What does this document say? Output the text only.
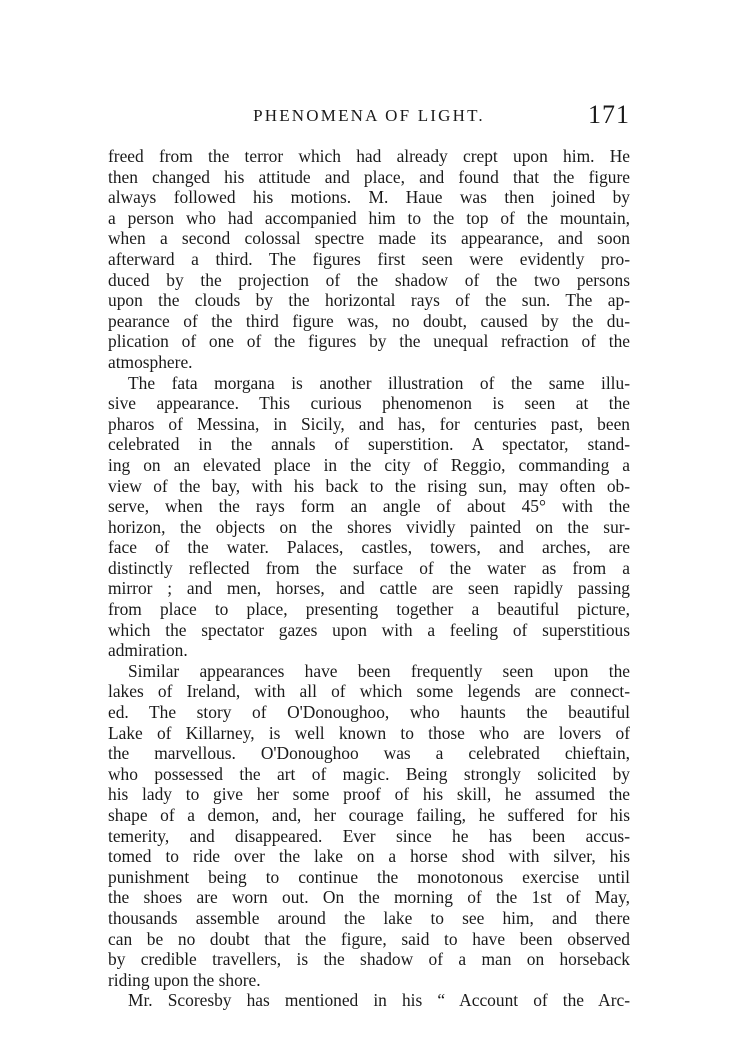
PHENOMENA OF LIGHT.	171
freed from the terror which had already crept upon him. He
then changed his attitude and place, and found that the figure
always followed his motions. M. Haue was then joined by
a person who had accompanied him to the top of the mountain,
when a second colossal spectre made its appearance, and soon
afterward a third. The figures first seen were evidently pro-
duced by the projection of the shadow of the two persons
upon the clouds by the horizontal rays of the sun. The ap-
pearance of the third figure was, no doubt, caused by the du-
plication of one of the figures by the unequal refraction of the
atmosphere.
The fata morgana is another illustration of the same illu-
sive appearance. This curious phenomenon is seen at the
pharos of Messina, in Sicily, and has, for centuries past, been
celebrated in the annals of superstition. A spectator, stand-
ing on an elevated place in the city of Reggio, commanding a
view of the bay, with his back to the rising sun, may often ob-
serve, when the rays form an angle of about 45° with the
horizon, the objects on the shores vividly painted on the sur-
face of the water. Palaces, castles, towers, and arches, are
distinctly reflected from the surface of the water as from a
mirror ; and men, horses, and cattle are seen rapidly passing
from place to place, presenting together a beautiful picture,
which the spectator gazes upon with a feeling of superstitious
admiration.
Similar appearances have been frequently seen upon the
lakes of Ireland, with all of which some legends are connect-
ed. The story of O'Donoughoo, who haunts the beautiful
Lake of Killarney, is well known to those who are lovers of
the marvellous. O'Donoughoo was a celebrated chieftain,
who possessed the art of magic. Being strongly solicited by
his lady to give her some proof of his skill, he assumed the
shape of a demon, and, her courage failing, he suffered for his
temerity, and disappeared. Ever since he has been accus-
tomed to ride over the lake on a horse shod with silver, his
punishment being to continue the monotonous exercise until
the shoes are worn out. On the morning of the 1st of May,
thousands assemble around the lake to see him, and there
can be no doubt that the figure, said to have been observed
by credible travellers, is the shadow of a man on horseback
riding upon the shore.
Mr. Scoresby has mentioned in his “ Account of the Arc-
